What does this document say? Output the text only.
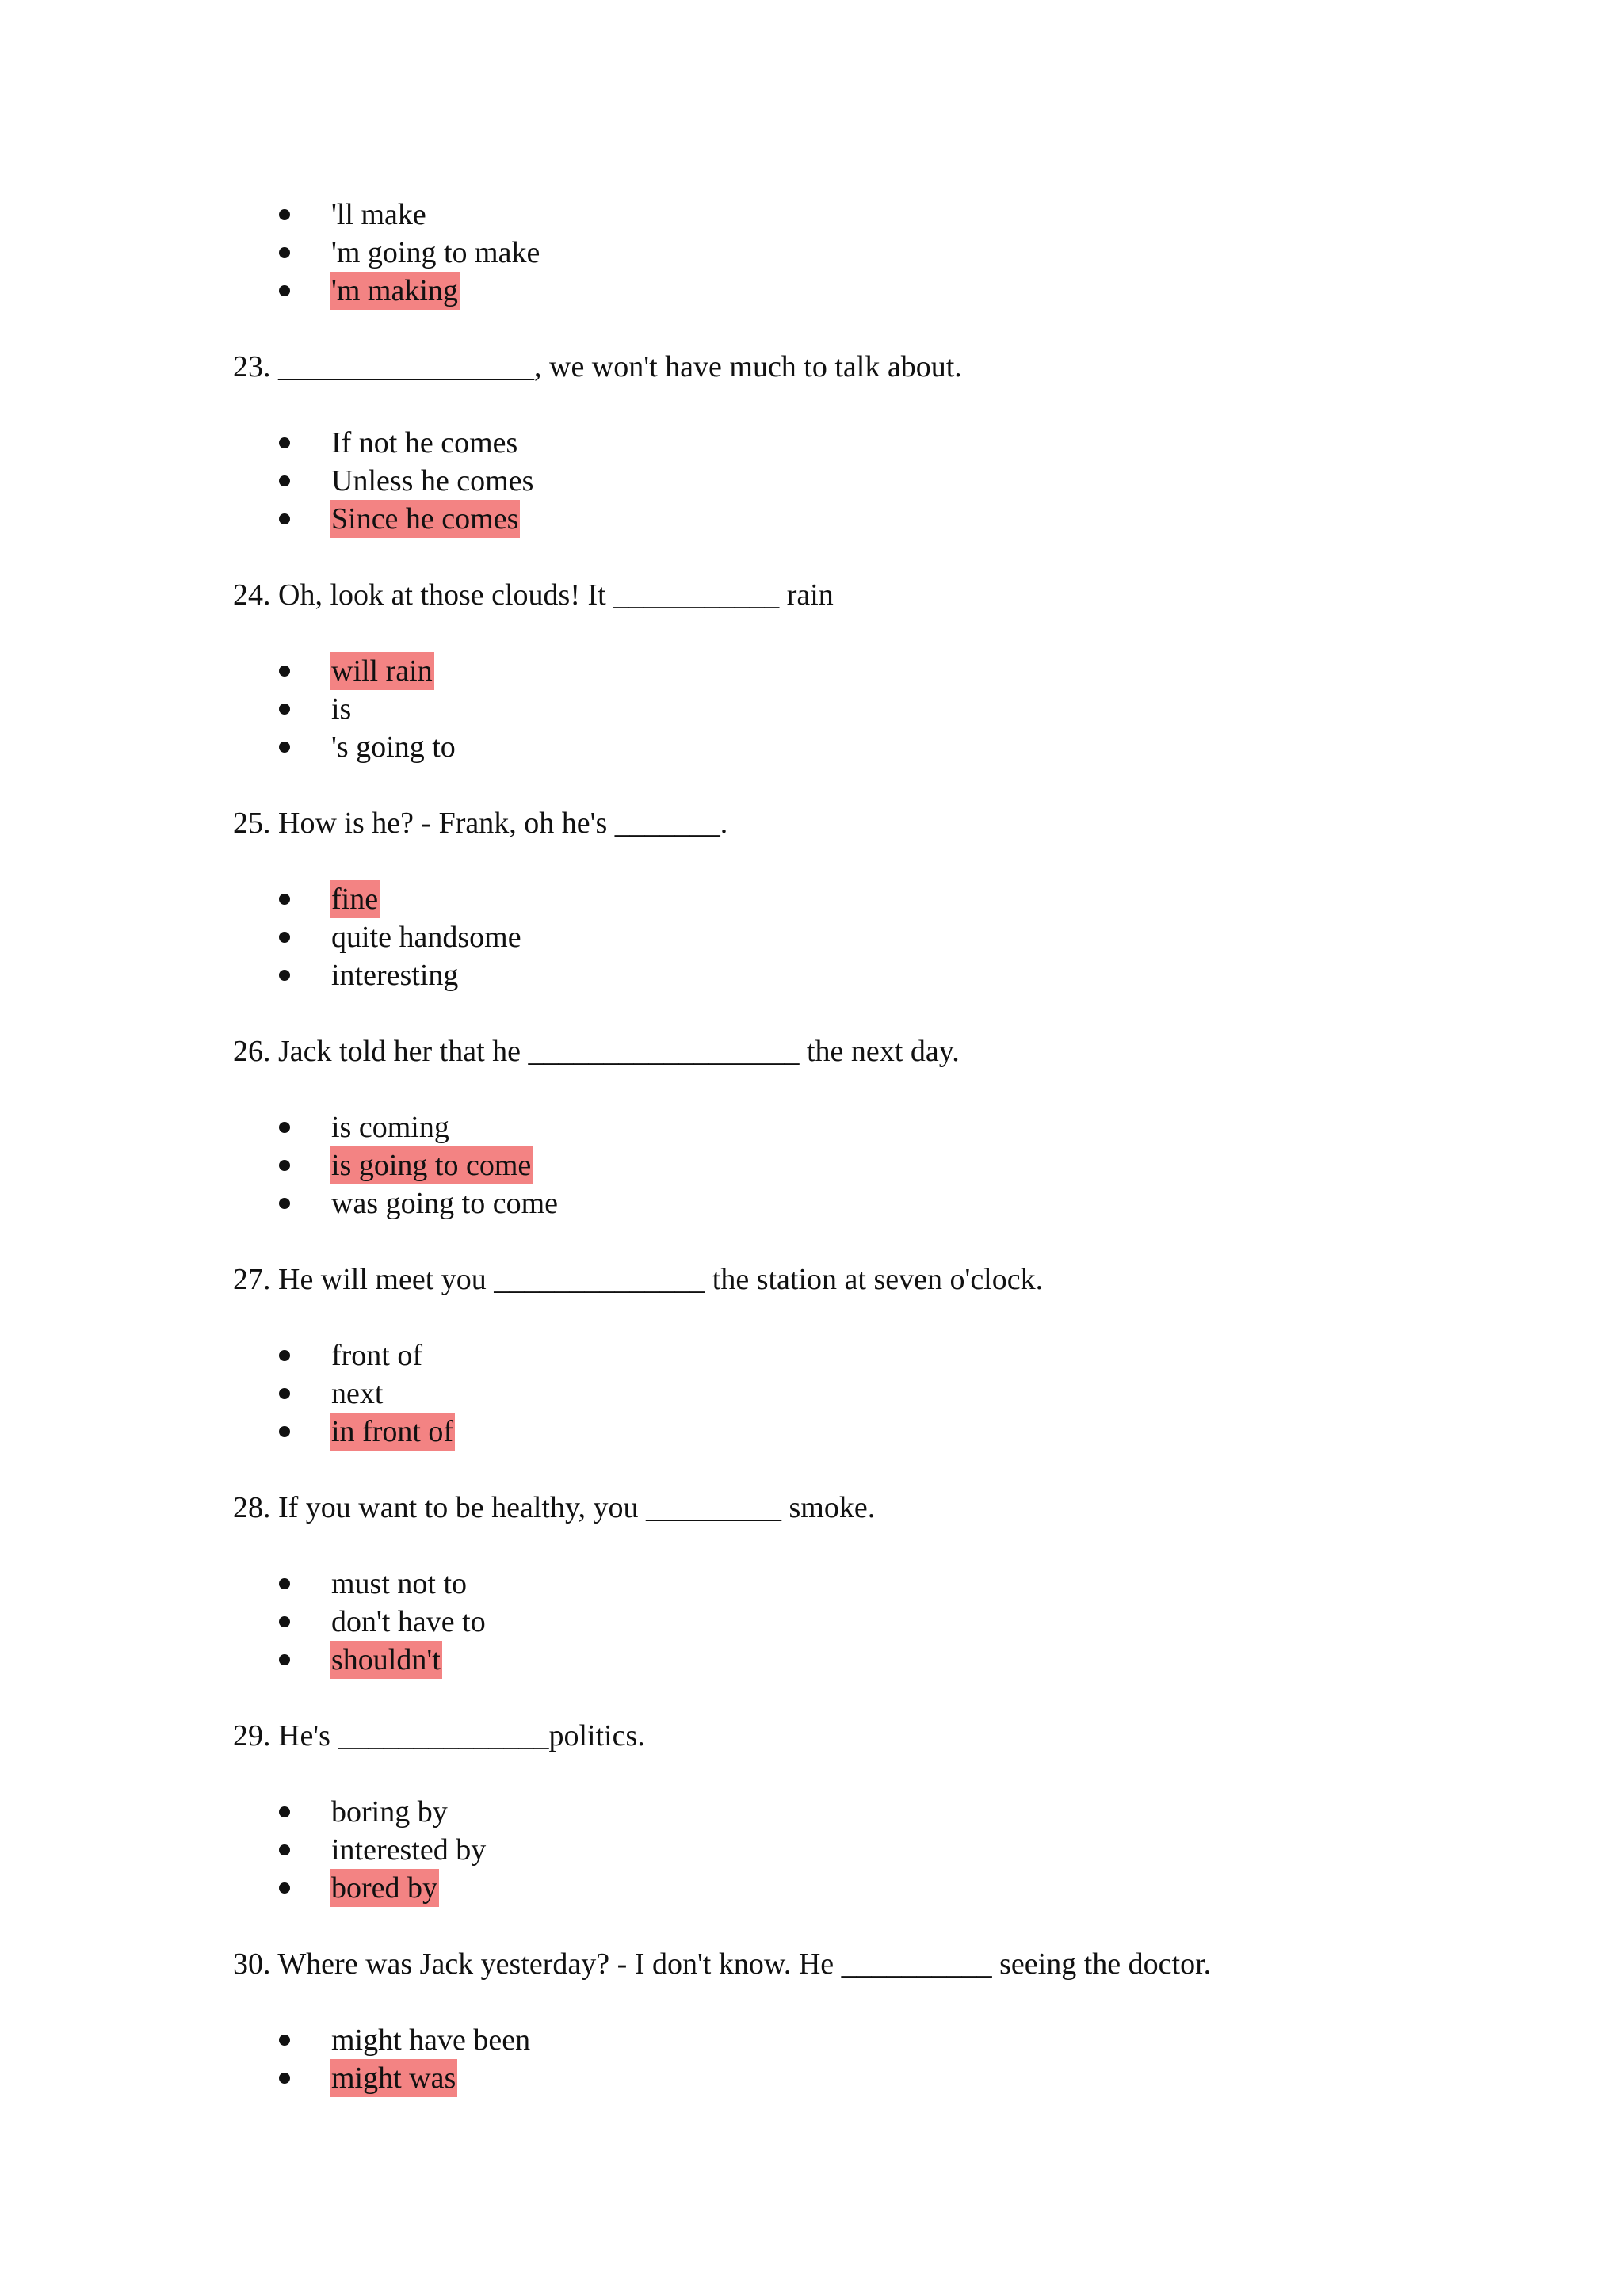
'll make
'm going to make
'm making
23. _________________, we won't have much to talk about.
If not he comes
Unless he comes
Since he comes
24. Oh, look at those clouds! It ___________ rain
will rain
is
's going to
25. How is he? - Frank, oh he's _______.
fine
quite handsome
interesting
26. Jack told her that he __________________ the next day.
is coming
is going to come
was going to come
27. He will meet you ______________ the station at seven o'clock.
front of
next
in front of
28. If you want to be healthy, you _________ smoke.
must not to
don't have to
shouldn't
29. He's ______________politics.
boring by
interested by
bored by
30. Where was Jack yesterday? - I don't know. He __________ seeing the doctor.
might have been
might was
